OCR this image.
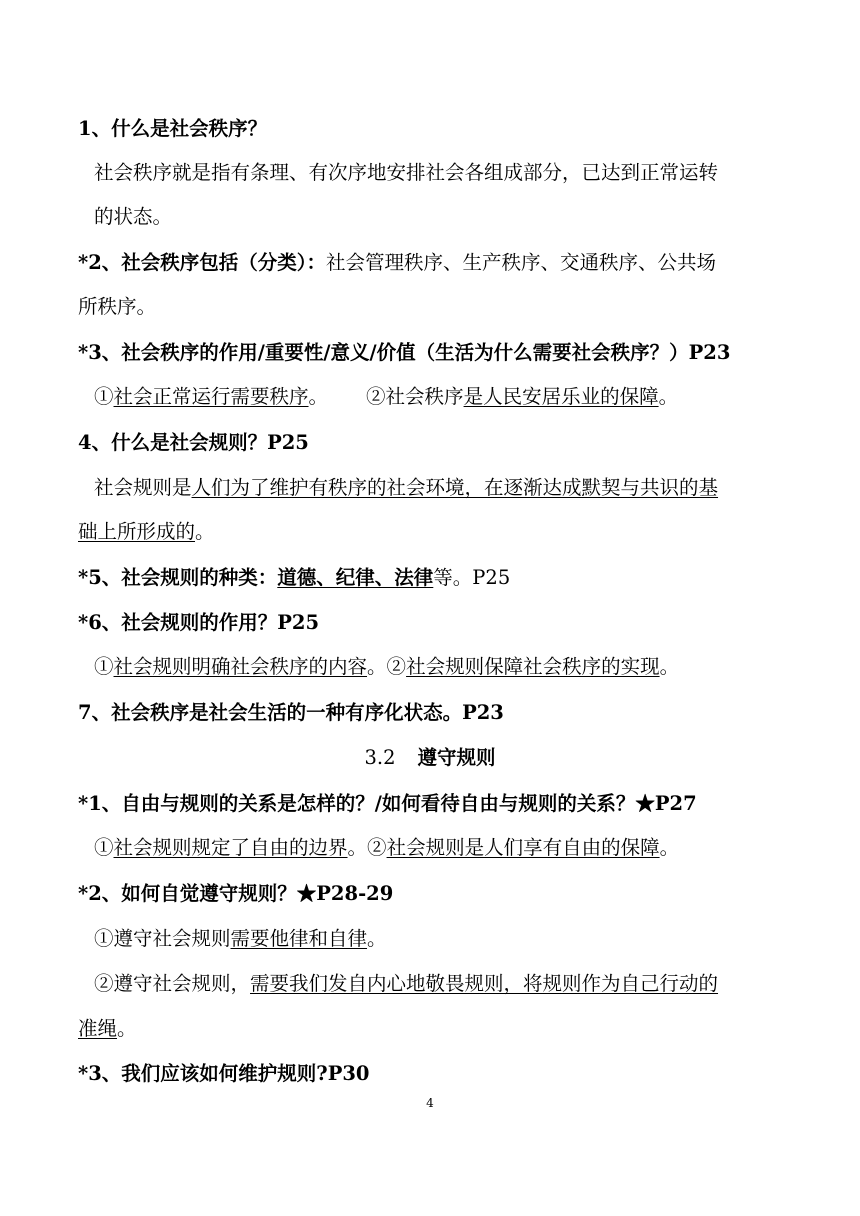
1、什么是社会秩序？
社会秩序就是指有条理、有次序地安排社会各组成部分，已达到正常运转
的状态。
*2、社会秩序包括（分类）：社会管理秩序、生产秩序、交通秩序、公共场
所秩序。
*3、社会秩序的作用/重要性/意义/价值（生活为什么需要社会秩序？）P23
①社会正常运行需要秩序。 ②社会秩序是人民安居乐业的保障。
4、什么是社会规则？P25
社会规则是人们为了维护有秩序的社会环境，在逐渐达成默契与共识的基
础上所形成的。
*5、社会规则的种类：道德、纪律、法律等。P25
*6、社会规则的作用？P25
①社会规则明确社会秩序的内容。②社会规则保障社会秩序的实现。
7、社会秩序是社会生活的一种有序化状态。P23
3.2 遵守规则
*1、自由与规则的关系是怎样的？/如何看待自由与规则的关系？★P27
①社会规则规定了自由的边界。②社会规则是人们享有自由的保障。
*2、如何自觉遵守规则？★P28-29
①遵守社会规则需要他律和自律。
②遵守社会规则，需要我们发自内心地敬畏规则，将规则作为自己行动的
准绳。
*3、我们应该如何维护规则?P30
4
